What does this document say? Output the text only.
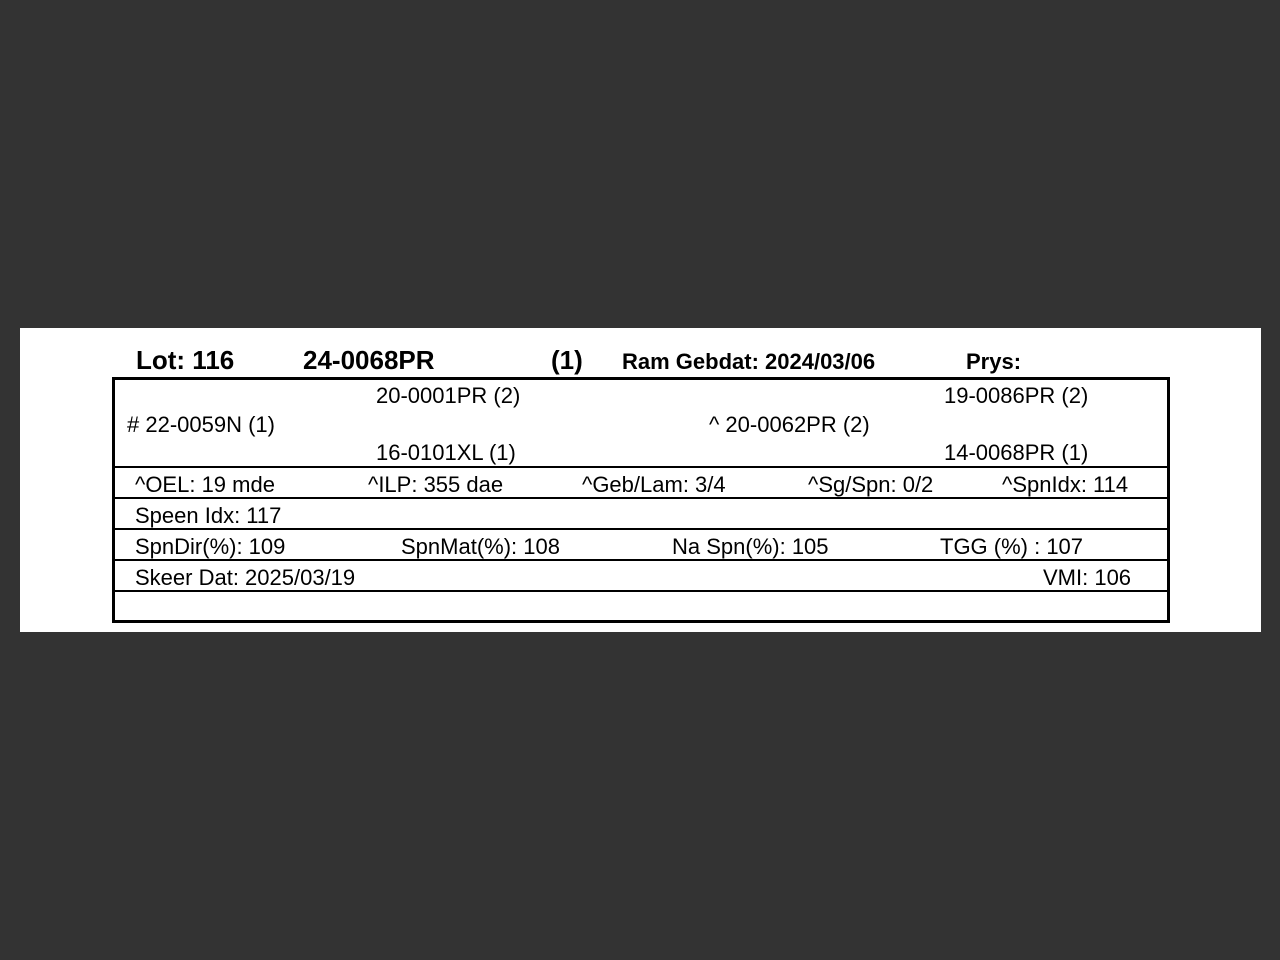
Lot: 116	24-0068PR	(1) Ram Gebdat: 2024/03/06	Prys:
20-0001PR (2)	19-0086PR (2)
# 22-0059N (1)	^ 20-0062PR (2)
16-0101XL (1)	14-0068PR (1)
^OEL: 19 mde	^ILP: 355 dae	^Geb/Lam: 3/4	^Sg/Spn: 0/2	^SpnIdx: 114
Speen Idx: 117
SpnDir(%): 109	SpnMat(%): 108	Na Spn(%): 105	TGG (%) : 107
Skeer Dat: 2025/03/19	VMI: 106
